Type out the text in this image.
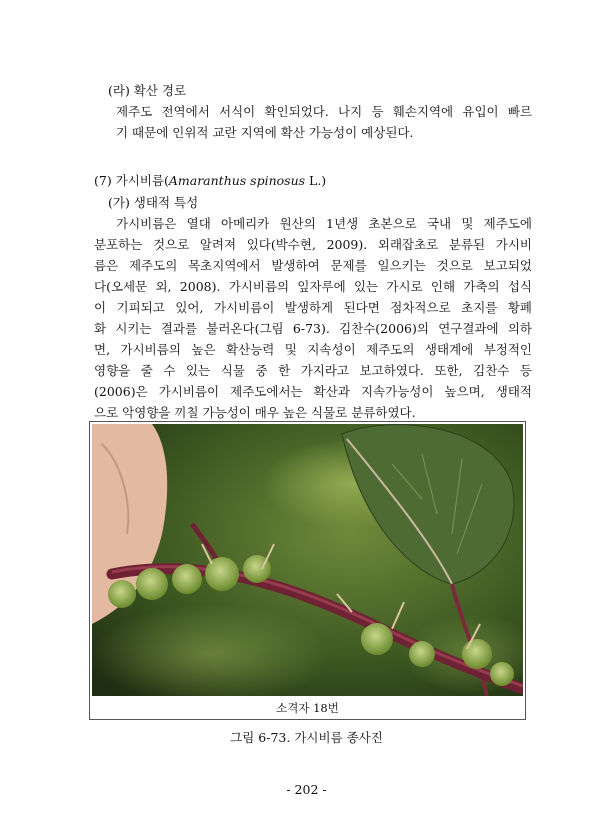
(라) 확산 경로
제주도 전역에서 서식이 확인되었다. 나지 등 훼손지역에 유입이 빠르
기 때문에 인위적 교란 지역에 확산 가능성이 예상된다.
(7) 가시비름(Amaranthus spinosus L.)
(가) 생태적 특성
가시비름은 열대 아메리카 원산의 1년생 초본으로 국내 및 제주도에
분포하는 것으로 알려져 있다(박수현, 2009). 외래잡초로 분류된 가시비
름은 제주도의 목초지역에서 발생하여 문제를 일으키는 것으로 보고되었
다(오세문 외, 2008). 가시비름의 잎자루에 있는 가시로 인해 가축의 섭식
이 기피되고 있어, 가시비름이 발생하게 된다면 점차적으로 초지를 황폐
화 시키는 결과를 불러온다(그림 6-73). 김찬수(2006)의 연구결과에 의하
면, 가시비름의 높은 확산능력 및 지속성이 제주도의 생태계에 부정적인
영향을 줄 수 있는 식물 중 한 가지라고 보고하였다. 또한, 김찬수 등
(2006)은 가시비름이 제주도에서는 확산과 지속가능성이 높으며, 생태적
으로 악영향을 끼칠 가능성이 매우 높은 식물로 분류하였다.
소격자 18번
그림 6-73. 가시비름 종사진
- 202 -
